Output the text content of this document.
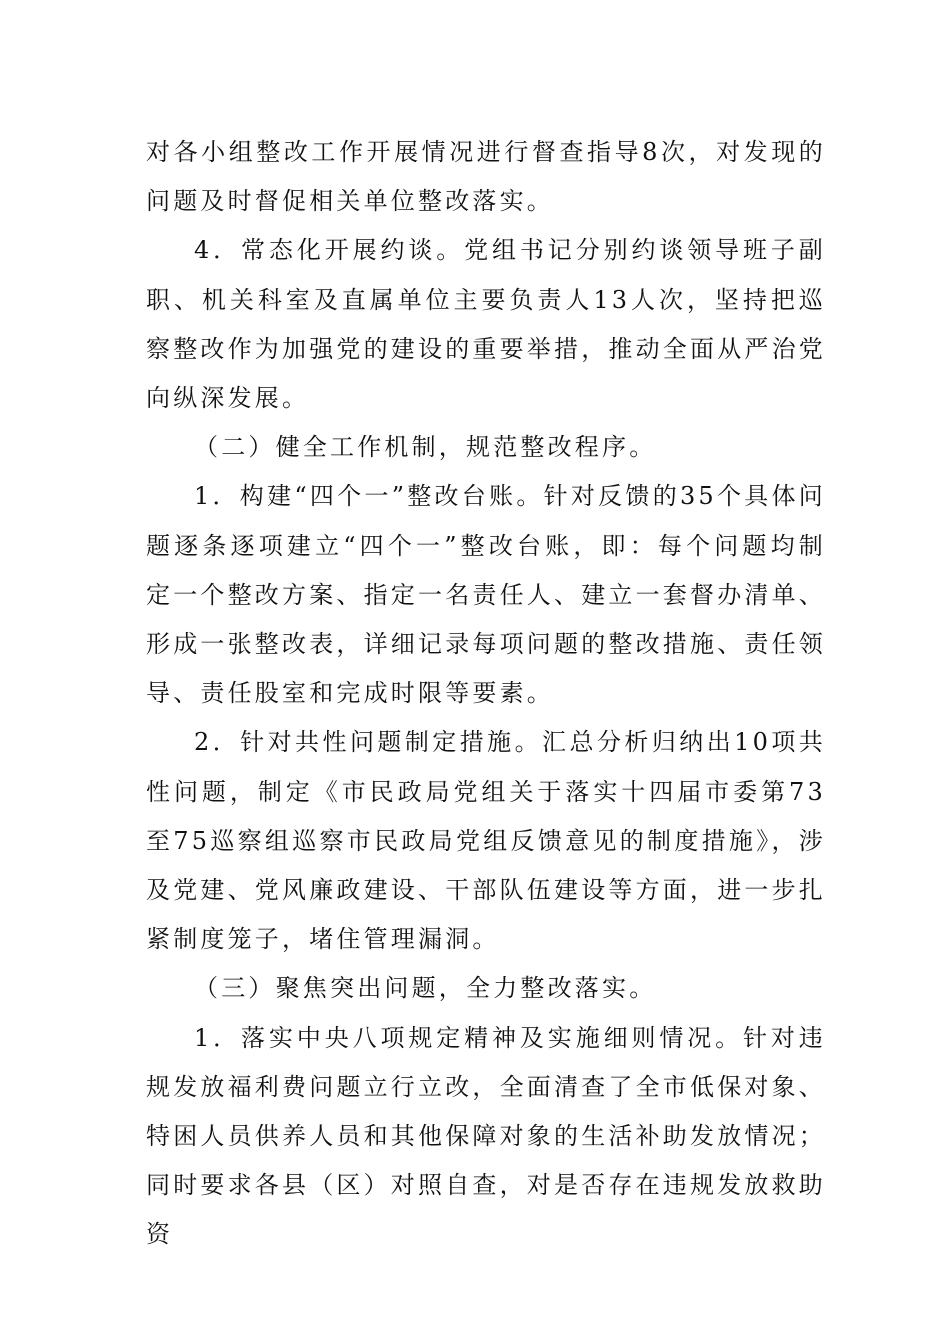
对各小组整改工作开展情况进行督查指导8次，对发现的问题及时督促相关单位整改落实。

4．常态化开展约谈。党组书记分别约谈领导班子副职、机关科室及直属单位主要负责人13人次，坚持把巡察整改作为加强党的建设的重要举措，推动全面从严治党向纵深发展。

（二）健全工作机制，规范整改程序。

1．构建“四个一”整改台账。针对反馈的35个具体问题逐条逐项建立“四个一”整改台账，即：每个问题均制定一个整改方案、指定一名责任人、建立一套督办清单、形成一张整改表，详细记录每项问题的整改措施、责任领导、责任股室和完成时限等要素。

2．针对共性问题制定措施。汇总分析归纳出10项共性问题，制定《市民政局党组关于落实十四届市委第73至75巡察组巡察市民政局党组反馈意见的制度措施》，涉及党建、党风廉政建设、干部队伍建设等方面，进一步扎紧制度笼子，堵住管理漏洞。

（三）聚焦突出问题，全力整改落实。

1．落实中央八项规定精神及实施细则情况。针对违规发放福利费问题立行立改，全面清查了全市低保对象、特困人员供养人员和其他保障对象的生活补助发放情况；同时要求各县（区）对照自查，对是否存在违规发放救助资
